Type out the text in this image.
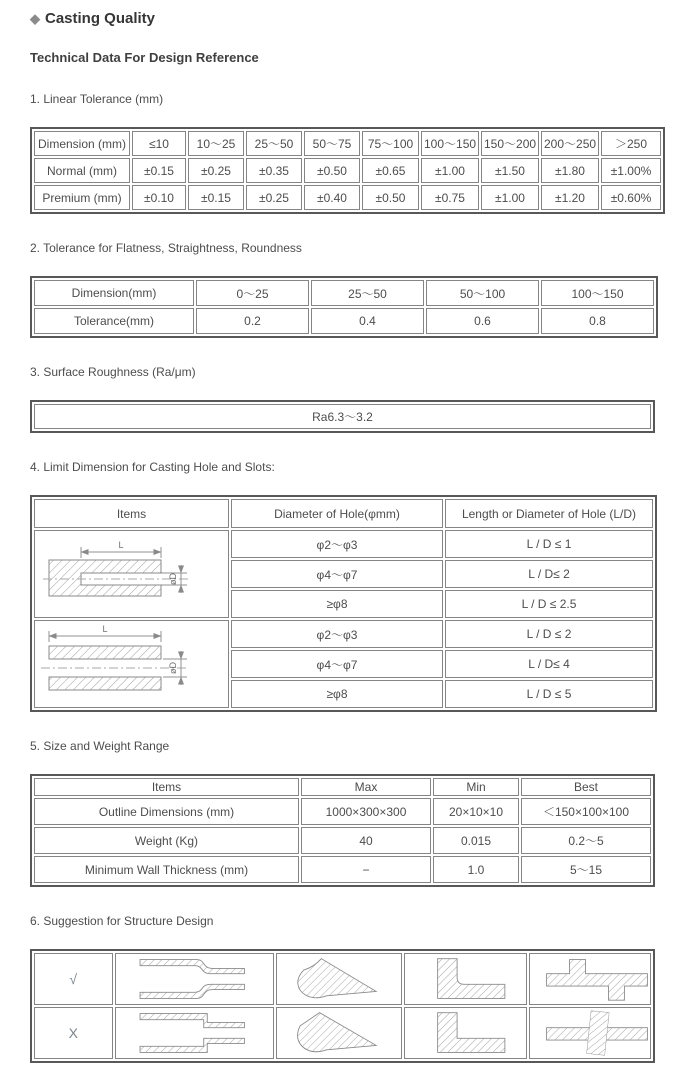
◆ Casting Quality
Technical Data For Design Reference
1. Linear Tolerance (mm)
Dimension (mm)	≤10	10～25	25～50	50～75	75～100	100～150	150～200	200～250	＞250
Normal (mm)	±0.15	±0.25	±0.35	±0.50	±0.65	±1.00	±1.50	±1.80	±1.00%
Premium (mm)	±0.10	±0.15	±0.25	±0.40	±0.50	±0.75	±1.00	±1.20	±0.60%
2. Tolerance for Flatness, Straightness, Roundness
Dimension(mm)	0～25	25～50	50～100	100～150
Tolerance(mm)	0.2	0.4	0.6	0.8
3. Surface Roughness (Ra/μm)
Ra6.3～3.2
4. Limit Dimension for Casting Hole and Slots:
Items	Diameter of Hole(φmm)	Length or Diameter of Hole (L/D)

L
øD	φ2～φ3	L / D ≤ 1
	φ4～φ7	L / D≤ 2
	≥φ8	L / D ≤ 2.5

L
øD	φ2～φ3	L / D ≤ 2
	φ4～φ7	L / D≤ 4
	≥φ8	L / D ≤ 5
5. Size and Weight Range
Items	Max	Min	Best
Outline Dimensions (mm)	1000×300×300	20×10×10	＜150×100×100
Weight (Kg)	40	0.015	0.2～5
Minimum Wall Thickness (mm)	−	1.0	5～15
6. Suggestion for Structure Design
√	

Χ	
